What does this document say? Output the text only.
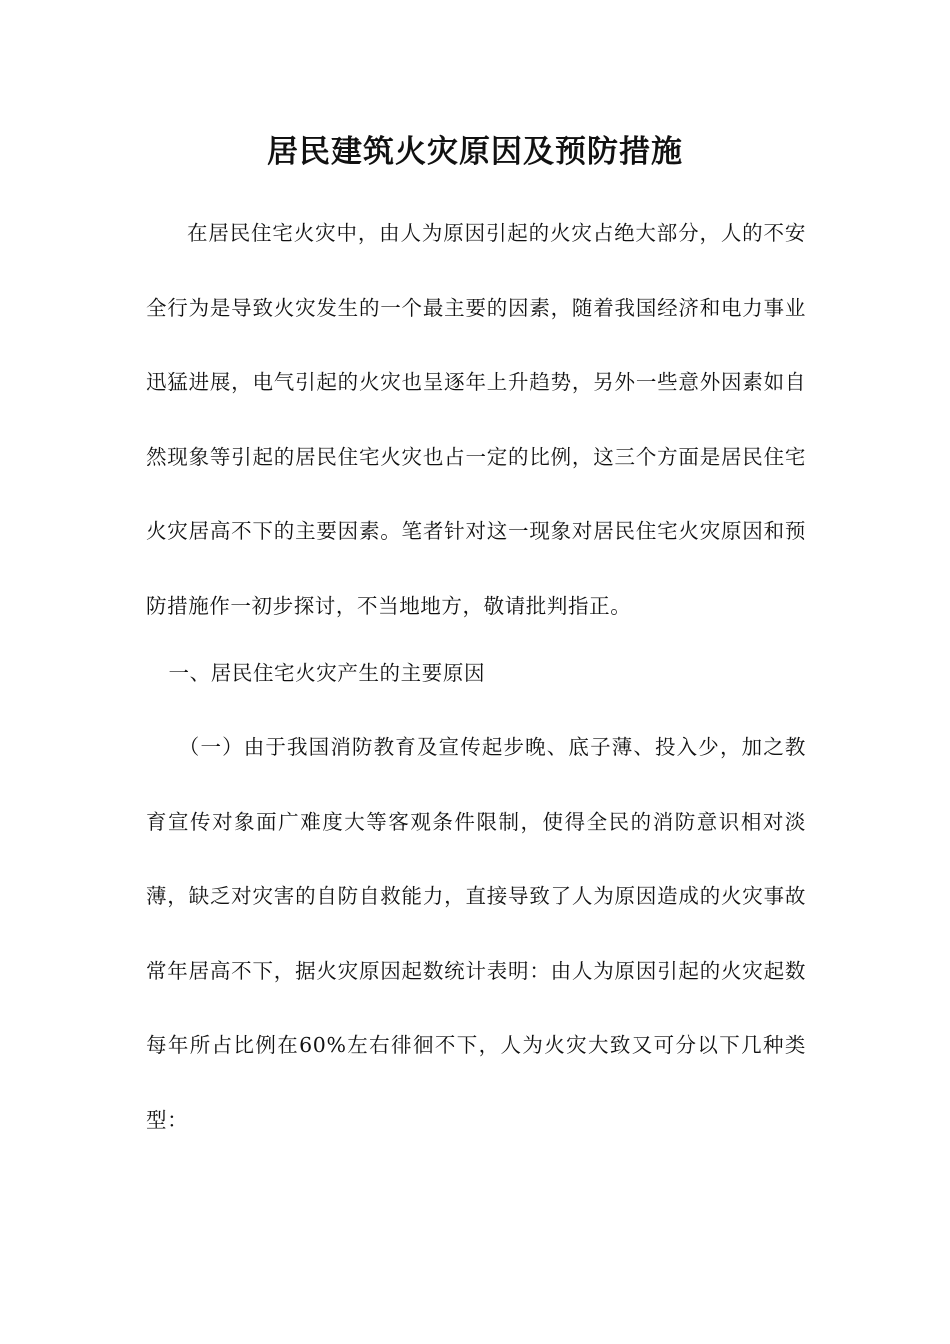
居民建筑火灾原因及预防措施

在居民住宅火灾中，由人为原因引起的火灾占绝大部分，人的不安全行为是导致火灾发生的一个最主要的因素，随着我国经济和电力事业迅猛进展，电气引起的火灾也呈逐年上升趋势，另外一些意外因素如自然现象等引起的居民住宅火灾也占一定的比例，这三个方面是居民住宅火灾居高不下的主要因素。笔者针对这一现象对居民住宅火灾原因和预防措施作一初步探讨，不当地地方，敬请批判指正。

一、居民住宅火灾产生的主要原因

（一）由于我国消防教育及宣传起步晚、底子薄、投入少，加之教育宣传对象面广难度大等客观条件限制，使得全民的消防意识相对淡薄，缺乏对灾害的自防自救能力，直接导致了人为原因造成的火灾事故常年居高不下，据火灾原因起数统计表明：由人为原因引起的火灾起数每年所占比例在60%左右徘徊不下，人为火灾大致又可分以下几种类型：
